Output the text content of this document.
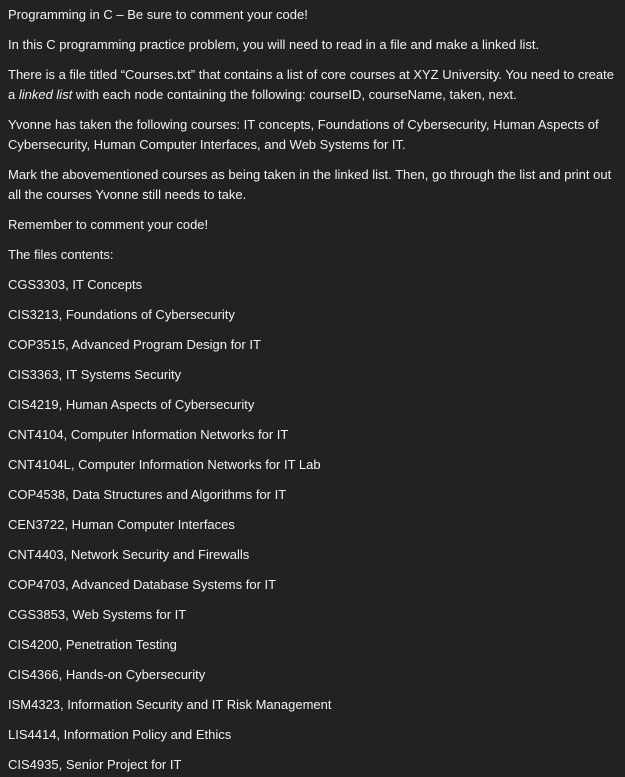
Programming in C – Be sure to comment your code!

In this C programming practice problem, you will need to read in a file and make a linked list.

There is a file titled “Courses.txt” that contains a list of core courses at XYZ University. You need to create a linked list with each node containing the following: courseID, courseName, taken, next.

Yvonne has taken the following courses: IT concepts, Foundations of Cybersecurity, Human Aspects of Cybersecurity, Human Computer Interfaces, and Web Systems for IT.

Mark the abovementioned courses as being taken in the linked list. Then, go through the list and print out all the courses Yvonne still needs to take.

Remember to comment your code!

The files contents:

CGS3303, IT Concepts
CIS3213, Foundations of Cybersecurity
COP3515, Advanced Program Design for IT
CIS3363, IT Systems Security
CIS4219, Human Aspects of Cybersecurity
CNT4104, Computer Information Networks for IT
CNT4104L, Computer Information Networks for IT Lab
COP4538, Data Structures and Algorithms for IT
CEN3722, Human Computer Interfaces
CNT4403, Network Security and Firewalls
COP4703, Advanced Database Systems for IT
CGS3853, Web Systems for IT
CIS4200, Penetration Testing
CIS4366, Hands-on Cybersecurity
ISM4323, Information Security and IT Risk Management
LIS4414, Information Policy and Ethics
CIS4935, Senior Project for IT
